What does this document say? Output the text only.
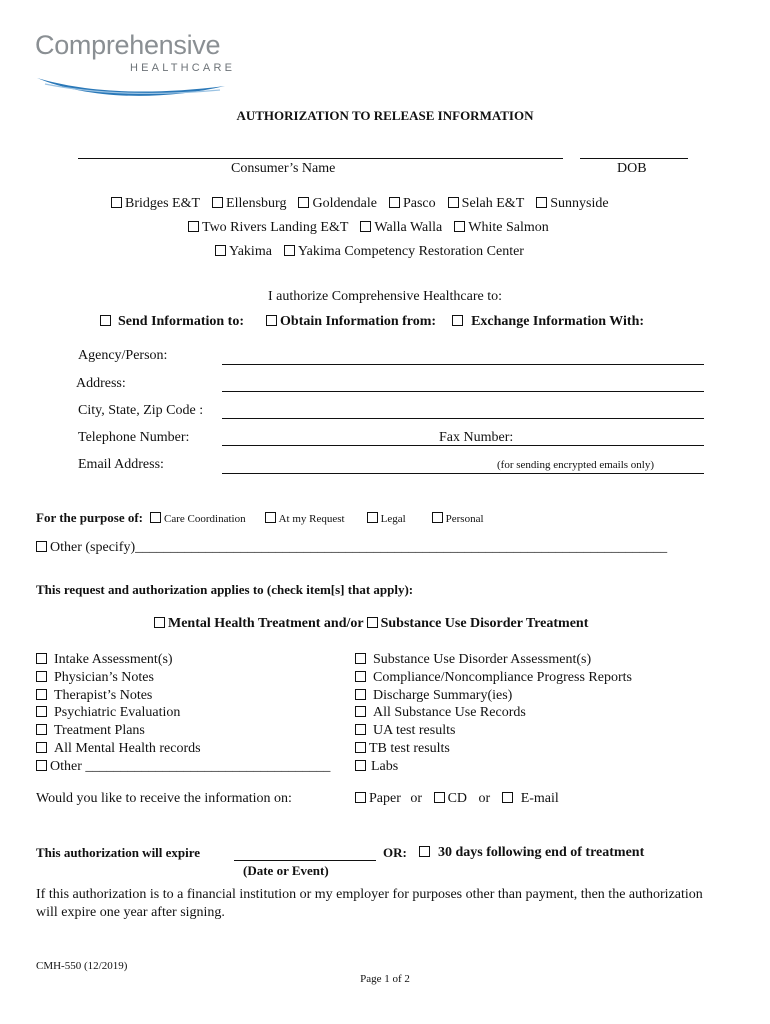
Comprehensive
HEALTHCARE
AUTHORIZATION TO RELEASE INFORMATION
Consumer’s Name	DOB
Bridges E&T Ellensburg Goldendale Pasco Selah E&T Sunnyside
Two Rivers Landing E&T Walla Walla White Salmon
Yakima Yakima Competency Restoration Center
I authorize Comprehensive Healthcare to:
Send Information to:	Obtain Information from:	Exchange Information With:
Agency/Person:
Address:
City, State, Zip Code :
Telephone Number:	Fax Number:
Email Address:	(for sending encrypted emails only)
For the purpose of: Care Coordination	At my Request	Legal	Personal
Other (specify)____________________________________________________________________________
This request and authorization applies to (check item[s] that apply):
Mental Health Treatment and/or Substance Use Disorder Treatment
Intake Assessment(s)
Physician’s Notes
Therapist’s Notes
Psychiatric Evaluation
Treatment Plans
All Mental Health records
Other ___________________________________
Substance Use Disorder Assessment(s)
Compliance/Noncompliance Progress Reports
Discharge Summary(ies)
All Substance Use Records
UA test results
TB test results
Labs
Would you like to receive the information on:	Paper or CD or E-mail
This authorization will expire	OR:	30 days following end of treatment
(Date or Event)
If this authorization is to a financial institution or my employer for purposes other than payment, then the authorization will expire one year after signing.
CMH-550 (12/2019)
Page 1 of 2
